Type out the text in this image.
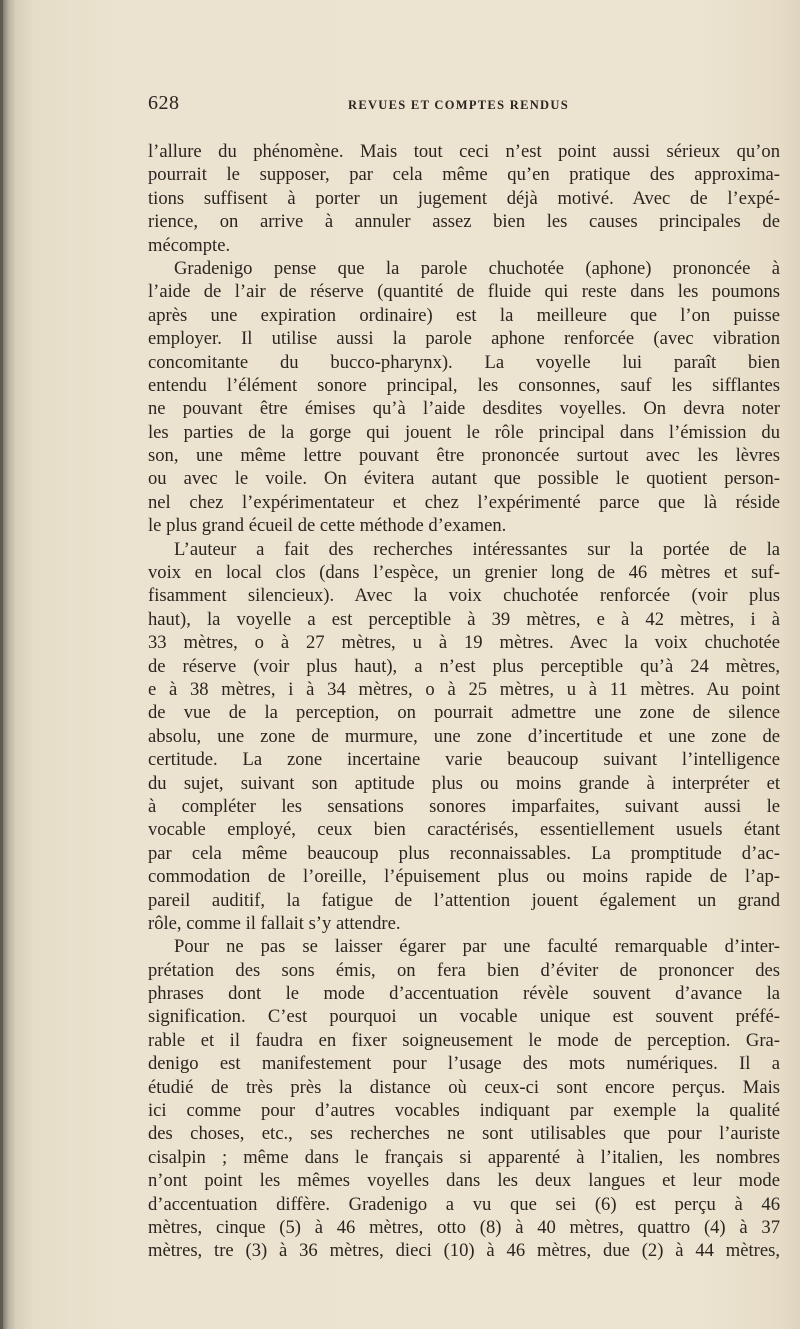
628	REVUES ET COMPTES RENDUS
l’allure du phénomène. Mais tout ceci n’est point aussi sérieux qu’on
pourrait le supposer, par cela même qu’en pratique des approxima-
tions suffisent à porter un jugement déjà motivé. Avec de l’expé-
rience, on arrive à annuler assez bien les causes principales de
mécompte.
Gradenigo pense que la parole chuchotée (aphone) prononcée à
l’aide de l’air de réserve (quantité de fluide qui reste dans les poumons
après une expiration ordinaire) est la meilleure que l’on puisse
employer. Il utilise aussi la parole aphone renforcée (avec vibration
concomitante du bucco-pharynx). La voyelle lui paraît bien
entendu l’élément sonore principal, les consonnes, sauf les sifflantes
ne pouvant être émises qu’à l’aide desdites voyelles. On devra noter
les parties de la gorge qui jouent le rôle principal dans l’émission du
son, une même lettre pouvant être prononcée surtout avec les lèvres
ou avec le voile. On évitera autant que possible le quotient person-
nel chez l’expérimentateur et chez l’expérimenté parce que là réside
le plus grand écueil de cette méthode d’examen.
L’auteur a fait des recherches intéressantes sur la portée de la
voix en local clos (dans l’espèce, un grenier long de 46 mètres et suf-
fisamment silencieux). Avec la voix chuchotée renforcée (voir plus
haut), la voyelle a est perceptible à 39 mètres, e à 42 mètres, i à
33 mètres, o à 27 mètres, u à 19 mètres. Avec la voix chuchotée
de réserve (voir plus haut), a n’est plus perceptible qu’à 24 mètres,
e à 38 mètres, i à 34 mètres, o à 25 mètres, u à 11 mètres. Au point
de vue de la perception, on pourrait admettre une zone de silence
absolu, une zone de murmure, une zone d’incertitude et une zone de
certitude. La zone incertaine varie beaucoup suivant l’intelligence
du sujet, suivant son aptitude plus ou moins grande à interpréter et
à compléter les sensations sonores imparfaites, suivant aussi le
vocable employé, ceux bien caractérisés, essentiellement usuels étant
par cela même beaucoup plus reconnaissables. La promptitude d’ac-
commodation de l’oreille, l’épuisement plus ou moins rapide de l’ap-
pareil auditif, la fatigue de l’attention jouent également un grand
rôle, comme il fallait s’y attendre.
Pour ne pas se laisser égarer par une faculté remarquable d’inter-
prétation des sons émis, on fera bien d’éviter de prononcer des
phrases dont le mode d’accentuation révèle souvent d’avance la
signification. C’est pourquoi un vocable unique est souvent préfé-
rable et il faudra en fixer soigneusement le mode de perception. Gra-
denigo est manifestement pour l’usage des mots numériques. Il a
étudié de très près la distance où ceux-ci sont encore perçus. Mais
ici comme pour d’autres vocables indiquant par exemple la qualité
des choses, etc., ses recherches ne sont utilisables que pour l’auriste
cisalpin ; même dans le français si apparenté à l’italien, les nombres
n’ont point les mêmes voyelles dans les deux langues et leur mode
d’accentuation diffère. Gradenigo a vu que sei (6) est perçu à 46
mètres, cinque (5) à 46 mètres, otto (8) à 40 mètres, quattro (4) à 37
mètres, tre (3) à 36 mètres, dieci (10) à 46 mètres, due (2) à 44 mètres,
